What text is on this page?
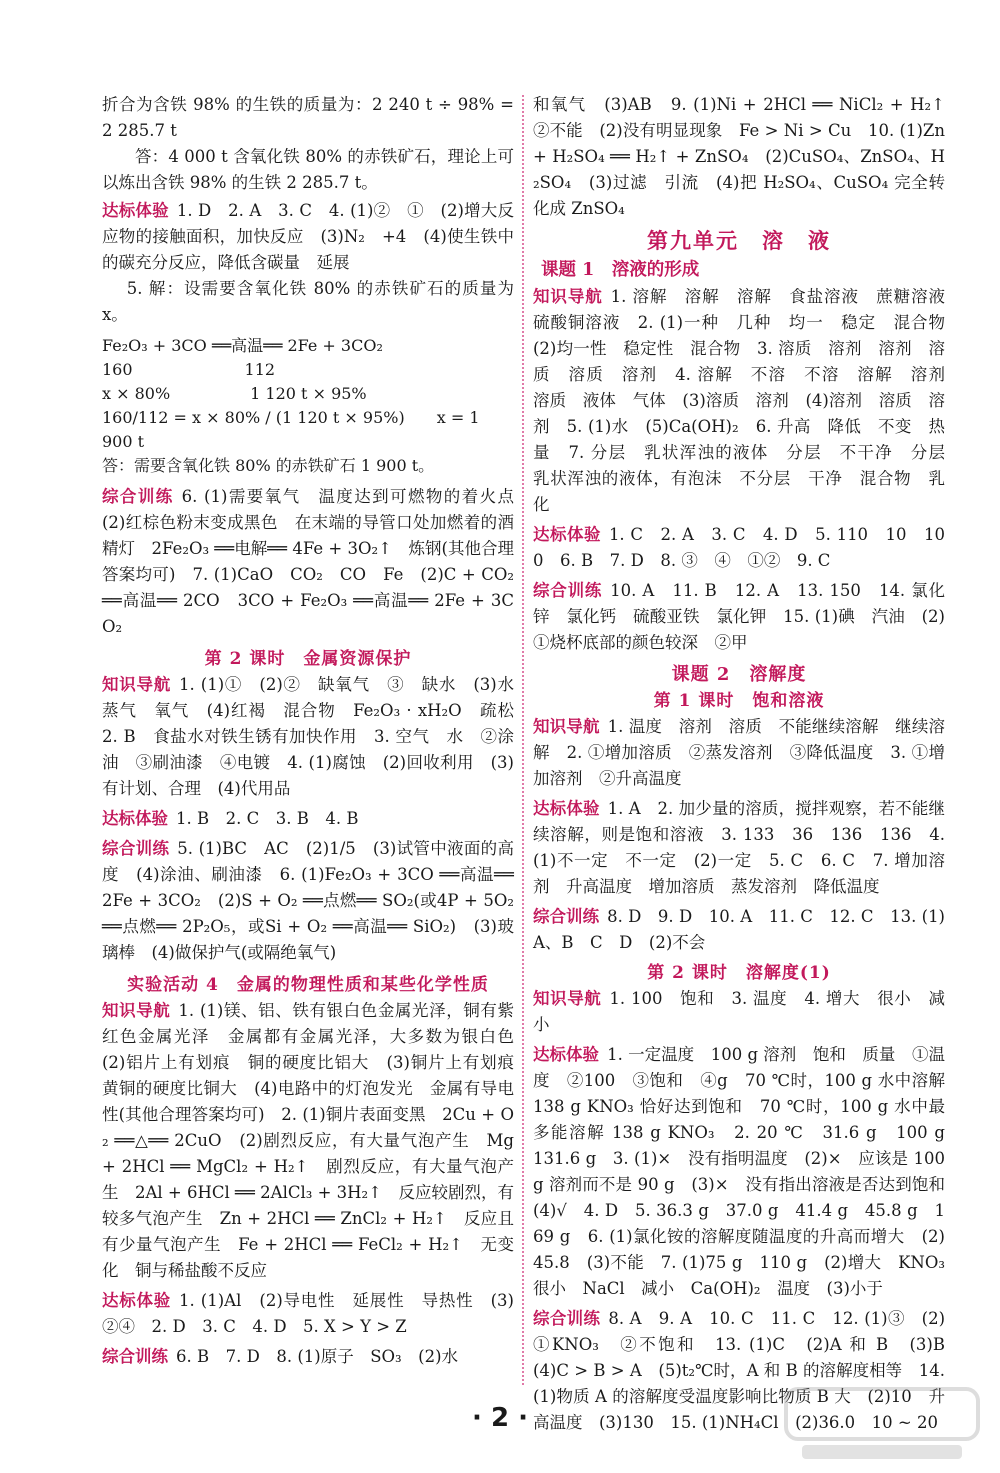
折合为含铁 98% 的生铁的质量为：2 240 t ÷ 98% = 2 285.7 t

答：4 000 t 含氧化铁 80% 的赤铁矿石，理论上可以炼出含铁 98% 的生铁 2 285.7 t。

达标体验 1. D　2. A　3. C　4. (1)②　①　(2)增大反应物的接触面积，加快反应　(3)N₂　+4　(4)使生铁中的碳充分反应，降低含碳量　延展

5. 解：设需要含氧化铁 80% 的赤铁矿石的质量为 x。

Fe₂O₃ + 3CO ══高温══ 2Fe + 3CO₂
160　　　　　　　112
x × 80%　　　　　1 120 t × 95%
160/112 = x × 80% / (1 120 t × 95%)　　x = 1 900 t
答：需要含氧化铁 80% 的赤铁矿石 1 900 t。

综合训练 6. (1)需要氧气　温度达到可燃物的着火点　(2)红棕色粉末变成黑色　在末端的导管口处加燃着的酒精灯　2Fe₂O₃ ══电解══ 4Fe + 3O₂↑　炼钢(其他合理答案均可)　7. (1)CaO　CO₂　CO　Fe　(2)C + CO₂ ══高温══ 2CO　3CO + Fe₂O₃ ══高温══ 2Fe + 3CO₂

第 2 课时　金属资源保护

知识导航 1. (1)①　(2)②　缺氧气　③　缺水　(3)水蒸气　氧气　(4)红褐　混合物　Fe₂O₃ · xH₂O　疏松　2. B　食盐水对铁生锈有加快作用　3. 空气　水　②涂油　③刷油漆　④电镀　4. (1)腐蚀　(2)回收利用　(3)有计划、合理　(4)代用品

达标体验 1. B　2. C　3. B　4. B

综合训练 5. (1)BC　AC　(2)1/5　(3)试管中液面的高度　(4)涂油、刷油漆　6. (1)Fe₂O₃ + 3CO ══高温══ 2Fe + 3CO₂　(2)S + O₂ ══点燃══ SO₂(或4P + 5O₂ ══点燃══ 2P₂O₅，或Si + O₂ ══高温══ SiO₂)　(3)玻璃棒　(4)做保护气(或隔绝氧气)

实验活动 4　金属的物理性质和某些化学性质

知识导航 1. (1)镁、铝、铁有银白色金属光泽，铜有紫红色金属光泽　金属都有金属光泽，大多数为银白色　(2)铝片上有划痕　铜的硬度比铝大　(3)铜片上有划痕　黄铜的硬度比铜大　(4)电路中的灯泡发光　金属有导电性(其他合理答案均可)　2. (1)铜片表面变黑　2Cu + O₂ ══△══ 2CuO　(2)剧烈反应，有大量气泡产生　Mg + 2HCl ══ MgCl₂ + H₂↑　剧烈反应，有大量气泡产生　2Al + 6HCl ══ 2AlCl₃ + 3H₂↑　反应较剧烈，有较多气泡产生　Zn + 2HCl ══ ZnCl₂ + H₂↑　反应且有少量气泡产生　Fe + 2HCl ══ FeCl₂ + H₂↑　无变化　铜与稀盐酸不反应

达标体验 1. (1)Al　(2)导电性　延展性　导热性　(3)②④　2. D　3. C　4. D　5. X > Y > Z

综合训练 6. B　7. D　8. (1)原子　SO₃　(2)水

和氧气　(3)AB　9. (1)Ni + 2HCl ══ NiCl₂ + H₂↑　②不能　(2)没有明显现象　Fe > Ni > Cu　10. (1)Zn + H₂SO₄ ══ H₂↑ + ZnSO₄　(2)CuSO₄、ZnSO₄、H₂SO₄　(3)过滤　引流　(4)把 H₂SO₄、CuSO₄ 完全转化成 ZnSO₄

第九单元　溶　液
课题 1　溶液的形成

知识导航 1. 溶解　溶解　溶解　食盐溶液　蔗糖溶液　硫酸铜溶液　2. (1)一种　几种　均一　稳定　混合物　(2)均一性　稳定性　混合物　3. 溶质　溶剂　溶剂　溶质　溶质　溶剂　4. 溶解　不溶　不溶　溶解　溶剂　溶质　液体　气体　(3)溶质　溶剂　(4)溶剂　溶质　溶剂　5. (1)水　(5)Ca(OH)₂　6. 升高　降低　不变　热量　7. 分层　乳状浑浊的液体　分层　不干净　分层　乳状浑浊的液体，有泡沫　不分层　干净　混合物　乳化

达标体验 1. C　2. A　3. C　4. D　5. 110　10　100　6. B　7. D　8. ③　④　①②　9. C

综合训练 10. A　11. B　12. A　13. 150　14. 氯化锌　氯化钙　硫酸亚铁　氯化钾　15. (1)碘　汽油　(2)①烧杯底部的颜色较深　②甲

课题 2　溶解度
第 1 课时　饱和溶液

知识导航 1. 温度　溶剂　溶质　不能继续溶解　继续溶解　2. ①增加溶质　②蒸发溶剂　③降低温度　3. ①增加溶剂　②升高温度

达标体验 1. A　2. 加少量的溶质，搅拌观察，若不能继续溶解，则是饱和溶液　3. 133　36　136　136　4. (1)不一定　不一定　(2)一定　5. C　6. C　7. 增加溶剂　升高温度　增加溶质　蒸发溶剂　降低温度

综合训练 8. D　9. D　10. A　11. C　12. C　13. (1)A、B　C　D　(2)不会

第 2 课时　溶解度(1)

知识导航 1. 100　饱和　3. 温度　4. 增大　很小　减小

达标体验 1. 一定温度　100 g 溶剂　饱和　质量　①温度　②100　③饱和　④g　70 ℃时，100 g 水中溶解 138 g KNO₃ 恰好达到饱和　70 ℃时，100 g 水中最多能溶解 138 g KNO₃　2. 20 ℃　31.6 g　100 g　131.6 g　3. (1)×　没有指明温度　(2)×　应该是 100 g 溶剂而不是 90 g　(3)×　没有指出溶液是否达到饱和　(4)√　4. D　5. 36.3 g　37.0 g　41.4 g　45.8 g　169 g　6. (1)氯化铵的溶解度随温度的升高而增大　(2)45.8　(3)不能　7. (1)75 g　110 g　(2)增大　KNO₃　很小　NaCl　减小　Ca(OH)₂　温度　(3)小于

综合训练 8. A　9. A　10. C　11. C　12. (1)③　(2)①KNO₃　②不饱和　13. (1)C　(2)A 和 B　(3)B　(4)C > B > A　(5)t₂℃时，A 和 B 的溶解度相等　14. (1)物质 A 的溶解度受温度影响比物质 B 大　(2)10　升高温度　(3)130　15. (1)NH₄Cl　(2)36.0　10 ~ 20

· 2 ·
